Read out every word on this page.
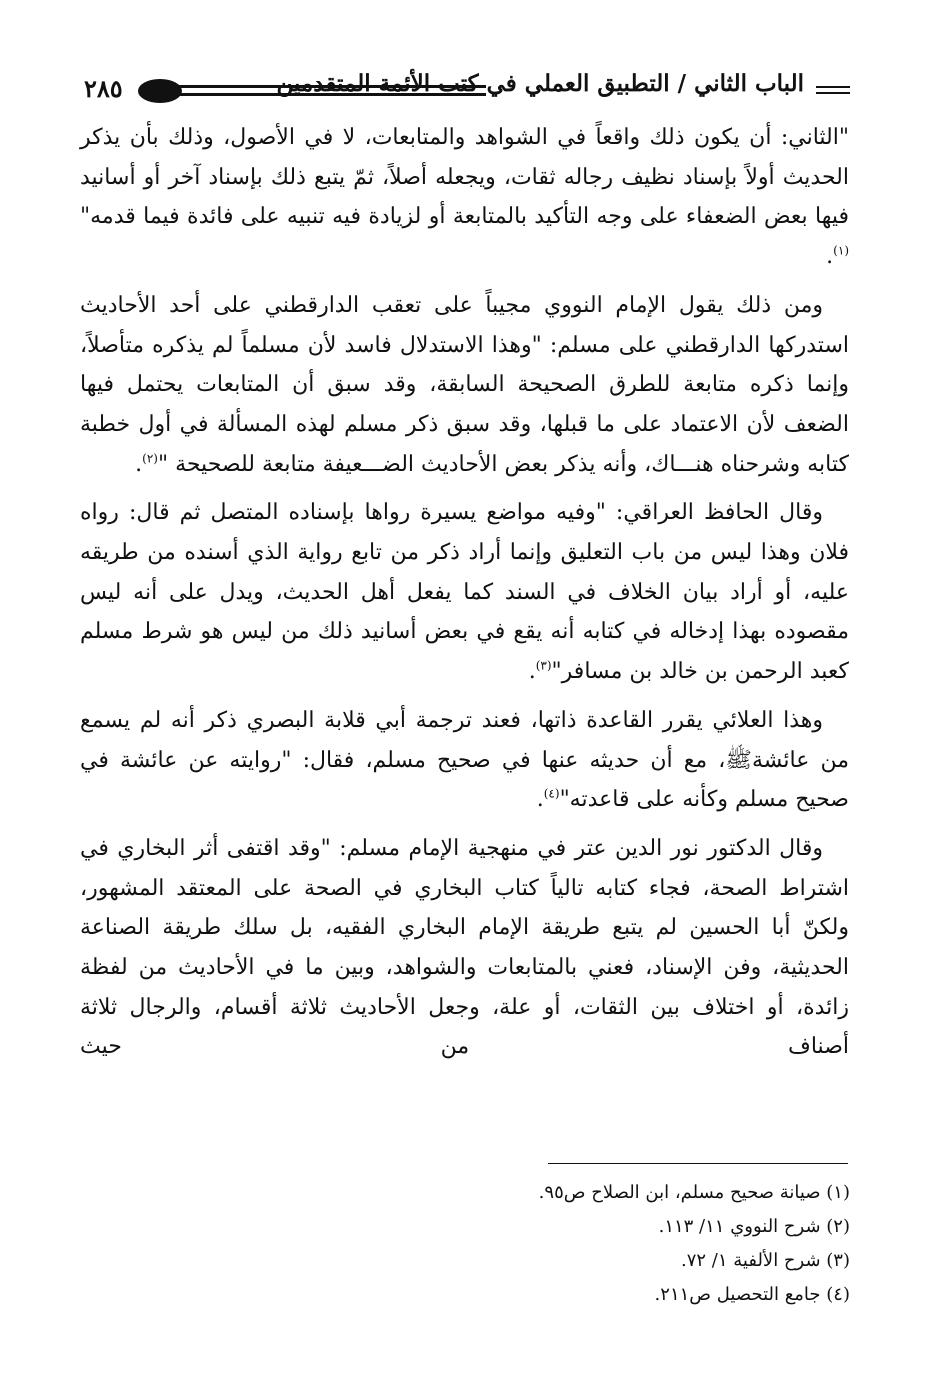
٢٨٥	الباب الثاني / التطبيق العملي في كتب الأئمة المتقدمين

"الثاني: أن يكون ذلك واقعاً في الشواهد والمتابعات، لا في الأصول، وذلك بأن يذكر الحديث أولاً بإسناد نظيف رجاله ثقات، ويجعله أصلاً، ثمّ يتبع ذلك بإسناد آخر أو أسانيد فيها بعض الضعفاء على وجه التأكيد بالمتابعة أو لزيادة فيه تنبيه على فائدة فيما قدمه"$^{(١)}$.

ومن ذلك يقول الإمام النووي مجيباً على تعقب الدارقطني على أحد الأحاديث استدركها الدارقطني على مسلم: "وهذا الاستدلال فاسد لأن مسلماً لم يذكره متأصلاً، وإنما ذكره متابعة للطرق الصحيحة السابقة، وقد سبق أن المتابعات يحتمل فيها الضعف لأن الاعتماد على ما قبلها، وقد سبق ذكر مسلم لهذه المسألة في أول خطبة كتابه وشرحناه هنـــاك، وأنه يذكر بعض الأحاديث الضـــعيفة متابعة للصحيحة "$^{(٢)}$.

وقال الحافظ العراقي: "وفيه مواضع يسيرة رواها بإسناده المتصل ثم قال: رواه فلان وهذا ليس من باب التعليق وإنما أراد ذكر من تابع رواية الذي أسنده من طريقه عليه، أو أراد بيان الخلاف في السند كما يفعل أهل الحديث، ويدل على أنه ليس مقصوده بهذا إدخاله في كتابه أنه يقع في بعض أسانيد ذلك من ليس هو شرط مسلم كعبد الرحمن بن خالد بن مسافر"$^{(٣)}$.

وهذا العلائي يقرر القاعدة ذاتها، فعند ترجمة أبي قلابة البصري ذكر أنه لم يسمع من عائشةﷺ، مع أن حديثه عنها في صحيح مسلم، فقال: "روايته عن عائشة في صحيح مسلم وكأنه على قاعدته"$^{(٤)}$.

وقال الدكتور نور الدين عتر في منهجية الإمام مسلم: "وقد اقتفى أثر البخاري في اشتراط الصحة، فجاء كتابه تالياً كتاب البخاري في الصحة على المعتقد المشهور، ولكنّ أبا الحسين لم يتبع طريقة الإمام البخاري الفقيه، بل سلك طريقة الصناعة الحديثية، وفن الإسناد، فعني بالمتابعات والشواهد، وبين ما في الأحاديث من لفظة زائدة، أو اختلاف بين الثقات، أو علة، وجعل الأحاديث ثلاثة أقسام، والرجال ثلاثة أصناف من حيث

(١) صيانة صحيح مسلم، ابن الصلاح ص٩٥.
(٢) شرح النووي ١١/ ١١٣.
(٣) شرح الألفية ١/ ٧٢.
(٤) جامع التحصيل ص٢١١.
